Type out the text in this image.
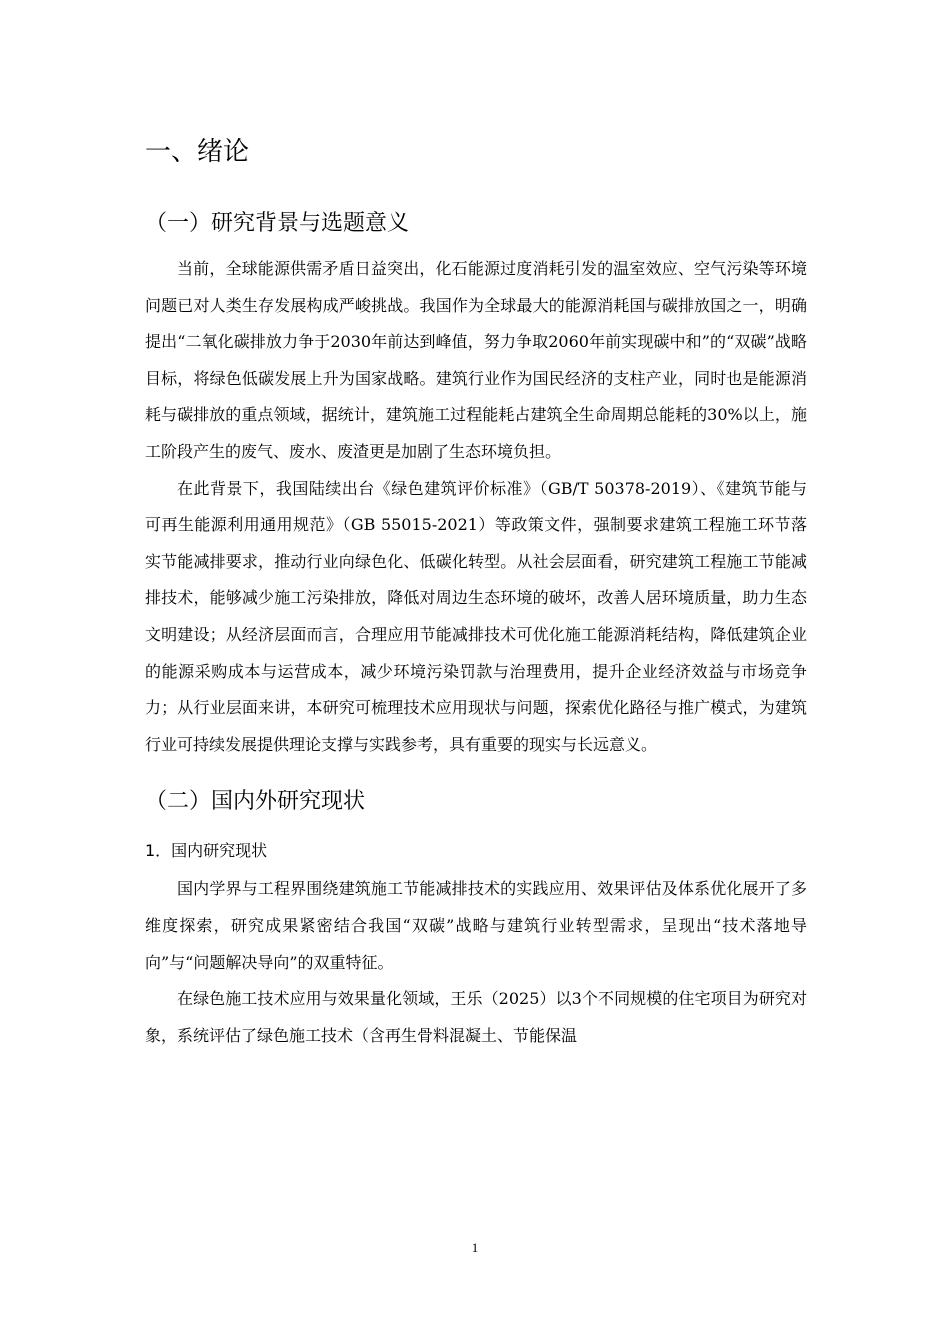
一、绪论
（一）研究背景与选题意义

当前，全球能源供需矛盾日益突出，化石能源过度消耗引发的温室效应、空气污染等环境问题已对人类生存发展构成严峻挑战。我国作为全球最大的能源消耗国与碳排放国之一，明确提出“二氧化碳排放力争于2030年前达到峰值，努力争取2060年前实现碳中和”的“双碳”战略目标，将绿色低碳发展上升为国家战略。建筑行业作为国民经济的支柱产业，同时也是能源消耗与碳排放的重点领域，据统计，建筑施工过程能耗占建筑全生命周期总能耗的30%以上，施工阶段产生的废气、废水、废渣更是加剧了生态环境负担。

在此背景下，我国陆续出台《绿色建筑评价标准》（GB/T 50378-2019）、《建筑节能与可再生能源利用通用规范》（GB 55015-2021）等政策文件，强制要求建筑工程施工环节落实节能减排要求，推动行业向绿色化、低碳化转型。从社会层面看，研究建筑工程施工节能减排技术，能够减少施工污染排放，降低对周边生态环境的破坏，改善人居环境质量，助力生态文明建设；从经济层面而言，合理应用节能减排技术可优化施工能源消耗结构，降低建筑企业的能源采购成本与运营成本，减少环境污染罚款与治理费用，提升企业经济效益与市场竞争力；从行业层面来讲，本研究可梳理技术应用现状与问题，探索优化路径与推广模式，为建筑行业可持续发展提供理论支撑与实践参考，具有重要的现实与长远意义。

（二）国内外研究现状
1．国内研究现状

国内学界与工程界围绕建筑施工节能减排技术的实践应用、效果评估及体系优化展开了多维度探索，研究成果紧密结合我国“双碳”战略与建筑行业转型需求，呈现出“技术落地导向”与“问题解决导向”的双重特征。

在绿色施工技术应用与效果量化领域，王乐（2025）以3个不同规模的住宅项目为研究对象，系统评估了绿色施工技术（含再生骨料混凝土、节能保温

1
